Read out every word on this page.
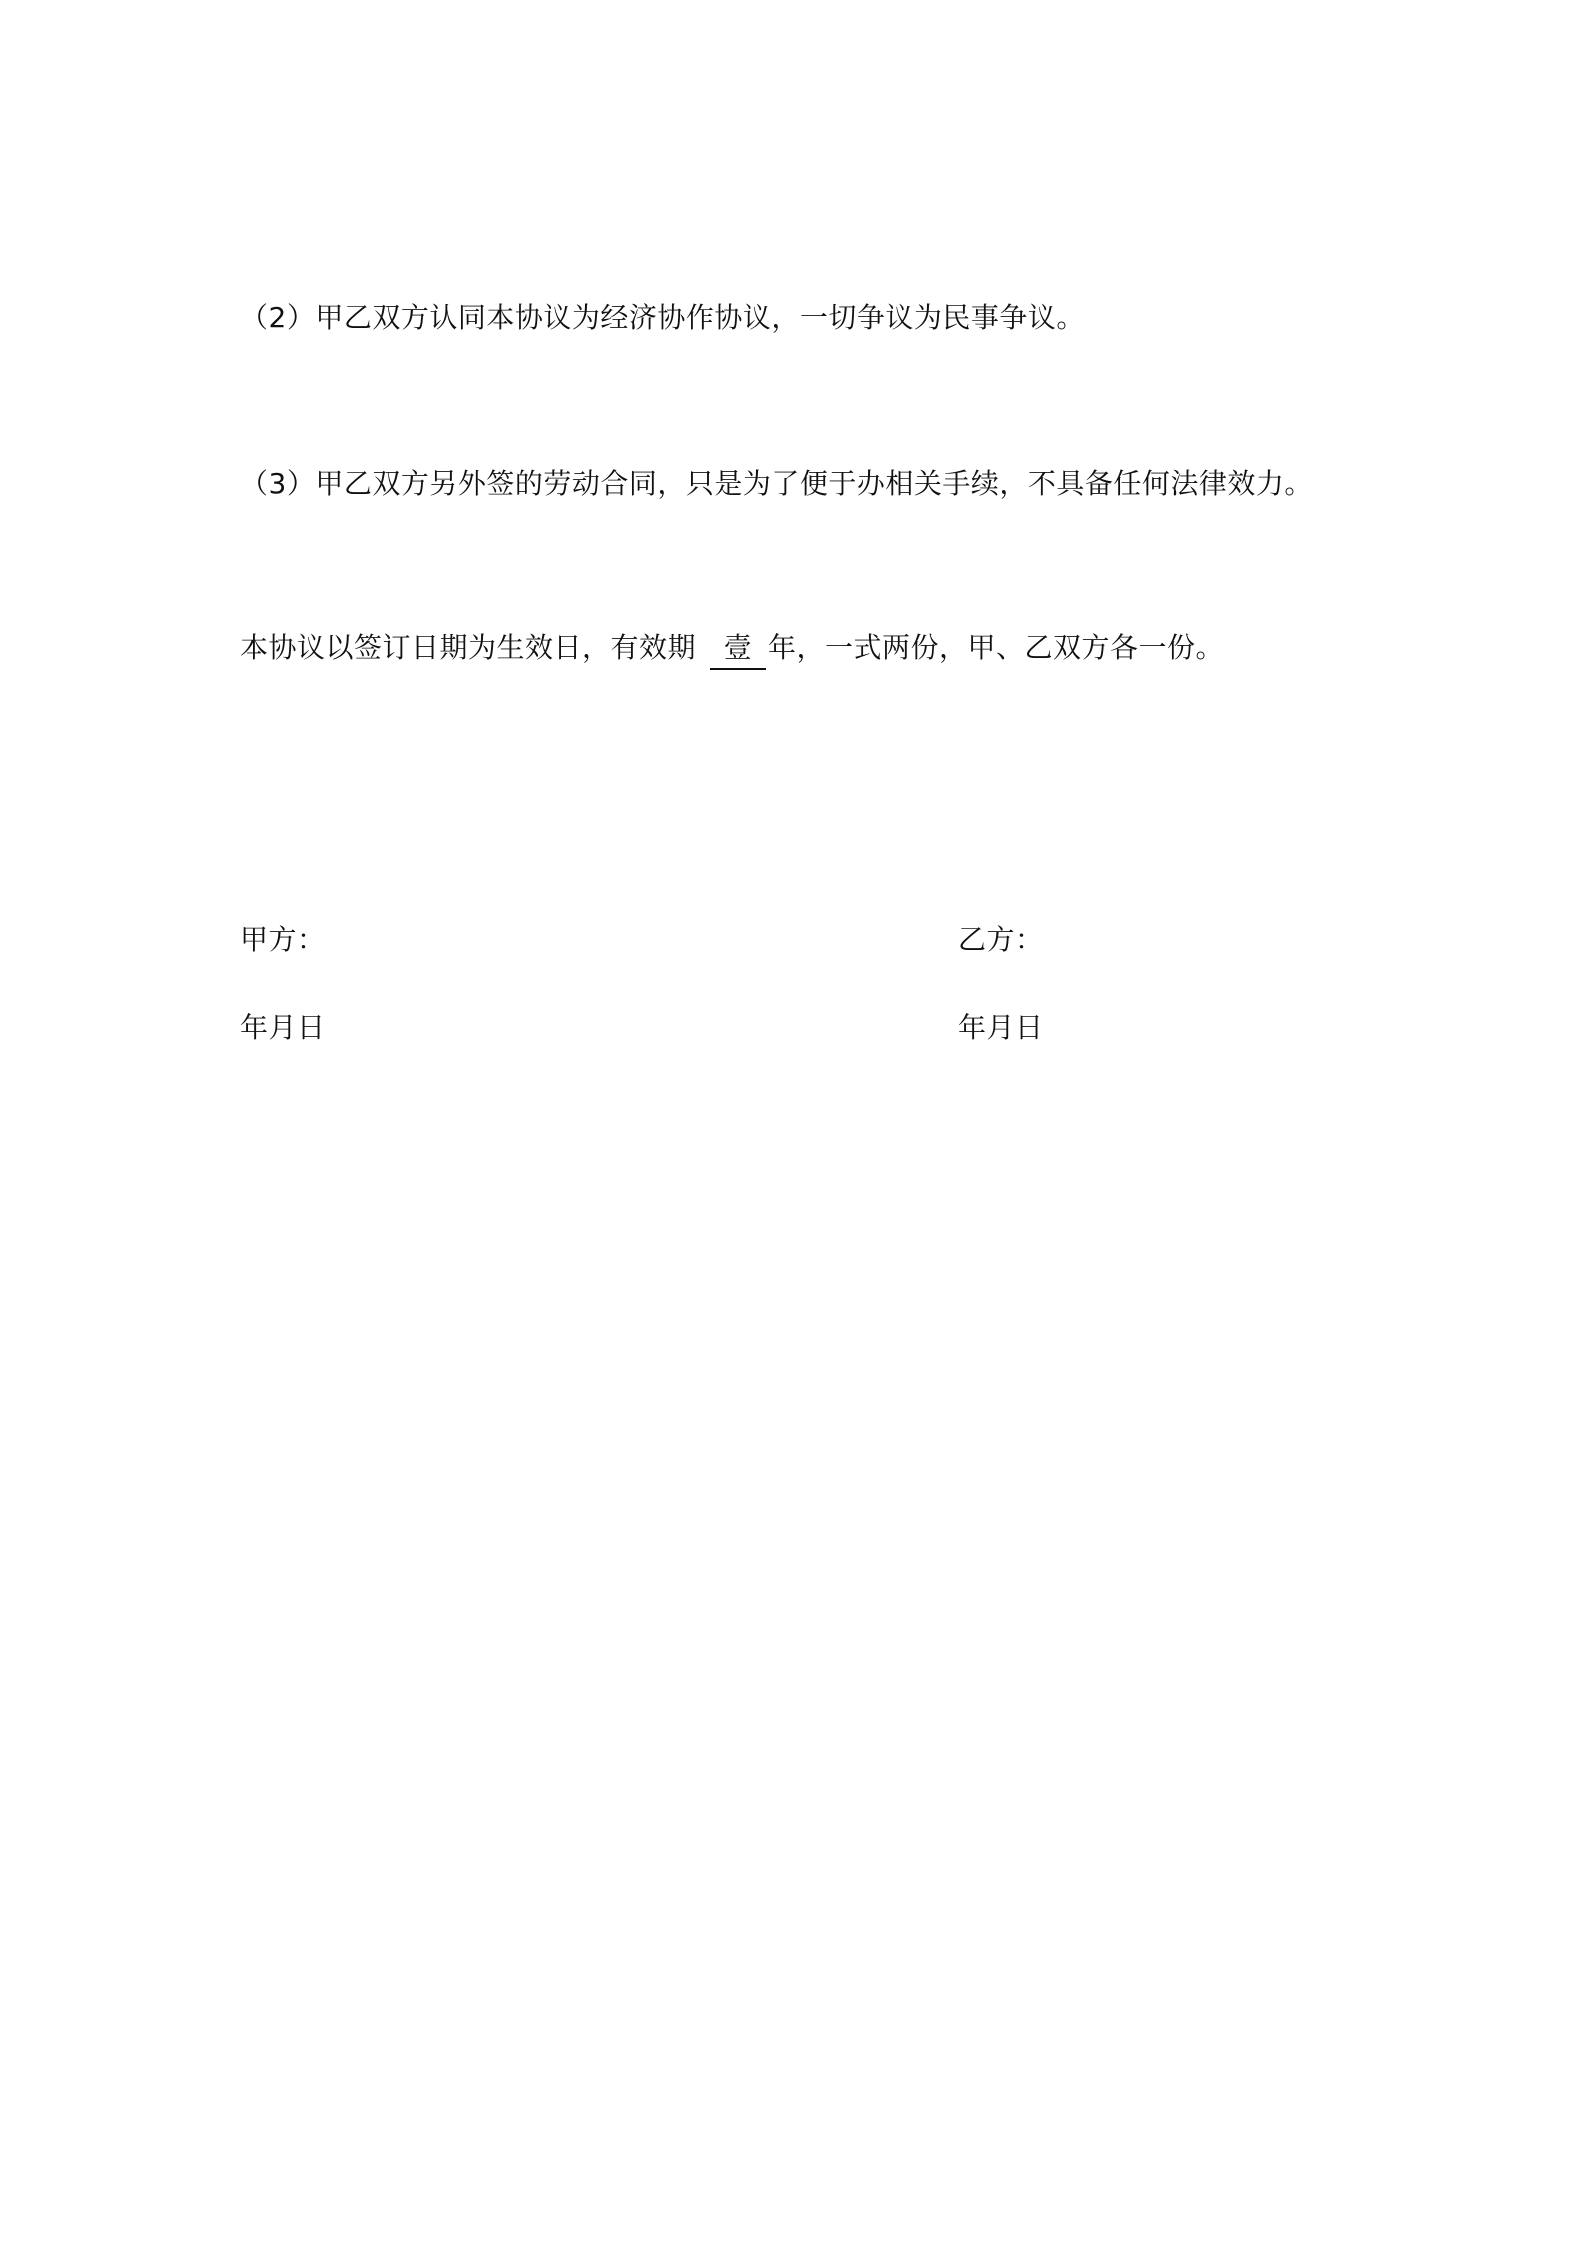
（2）甲乙双方认同本协议为经济协作协议，一切争议为民事争议。
（3）甲乙双方另外签的劳动合同，只是为了便于办相关手续，不具备任何法律效力。
本协议以签订日期为生效日，有效期 壹 年，一式两份，甲、乙双方各一份。
甲方：	乙方：
年月日	年月日
